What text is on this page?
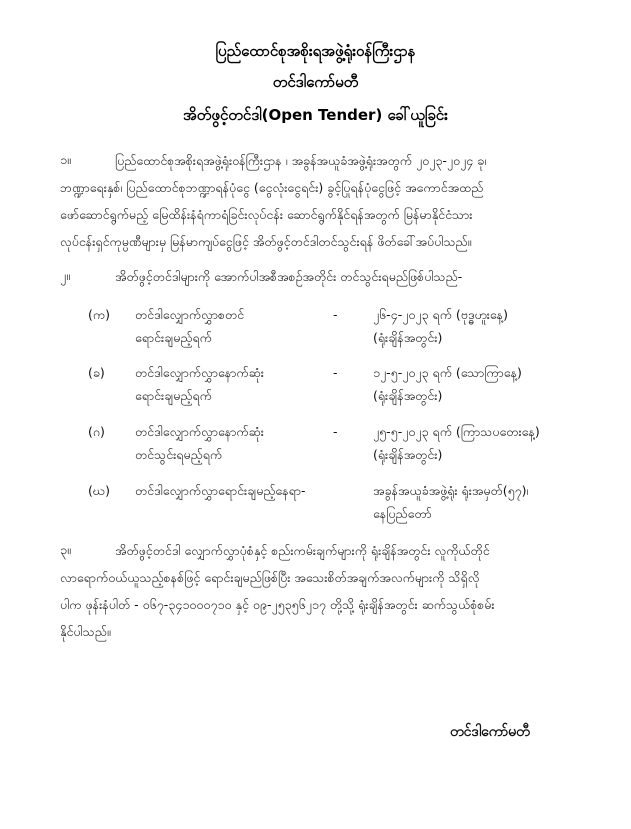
ပြည်ထောင်စုအစိုးရအဖွဲ့ရုံးဝန်ကြီးဌာန
တင်ဒါကော်မတီ
အိတ်ဖွင့်တင်ဒါ(Open Tender) ခေါ်ယူခြင်း
၁။	ပြည်ထောင်စုအစိုးရအဖွဲ့ရုံးဝန်ကြီးဌာန ၊ အခွန်အယူခံအဖွဲ့ရုံးအတွက် ၂၀၂၃-၂၀၂၄ ခု၊
ဘဏ္ဍာရေးနှစ်၊ ပြည်ထောင်စုဘဏ္ဍာရန်ပုံငွေ (ငွေလုံးငွေရင်း) ခွင့်ပြုရန်ပုံငွေဖြင့် အကောင်အထည်
ဖော်ဆောင်ရွက်မည့် မြေထိန်းနံရံကာရံခြင်းလုပ်ငန်း ဆောင်ရွက်နိုင်ရန်အတွက် မြန်မာနိုင်ငံသား
လုပ်ငန်းရှင်ကုမ္ပဏီများမှ မြန်မာကျပ်ငွေဖြင့် အိတ်ဖွင့်တင်ဒါတင်သွင်းရန် ဖိတ်ခေါ်အပ်ပါသည်။
၂။	အိတ်ဖွင့်တင်ဒါများကို အောက်ပါအစီအစဉ်အတိုင်း တင်သွင်းရမည်ဖြစ်ပါသည်-
(က) တင်ဒါလျှောက်လွှာစတင်	-	၂၆-၄-၂၀၂၃ ရက် (ဗုဒ္ဓဟူးနေ့)
ရောင်းချမည့်ရက်	(ရုံးချိန်အတွင်း)
(ခ) တင်ဒါလျှောက်လွှာနောက်ဆုံး	-	၁၂-၅-၂၀၂၃ ရက် (သောကြာနေ့)
ရောင်းချမည့်ရက်	(ရုံးချိန်အတွင်း)
(ဂ) တင်ဒါလျှောက်လွှာနောက်ဆုံး	-	၂၅-၅-၂၀၂၃ ရက် (ကြာသပတေးနေ့)
တင်သွင်းရမည့်ရက်	(ရုံးချိန်အတွင်း)
(ဃ) တင်ဒါလျှောက်လွှာရောင်းချမည့်နေရာ-	အခွန်အယူခံအဖွဲ့ရုံး ရုံးအမှတ်(၅၇)၊
နေပြည်တော်
၃။	အိတ်ဖွင့်တင်ဒါ လျှောက်လွှာပုံစံနှင့် စည်းကမ်းချက်များကို ရုံးချိန်အတွင်း လူကိုယ်တိုင်
လာရောက်ဝယ်ယူသည့်စနစ်ဖြင့် ရောင်းချမည်ဖြစ်ပြီး အသေးစိတ်အချက်အလက်များကို သိရှိလို
ပါက ဖုန်းနံပါတ် - ၀၆၇-၃၄၁၀၀၀၇၁၀ နှင့် ၀၉-၂၅၃၅၆၂၁၇ တို့သို့ ရုံးချိန်အတွင်း ဆက်သွယ်စုံစမ်း
နိုင်ပါသည်။
တင်ဒါကော်မတီ
